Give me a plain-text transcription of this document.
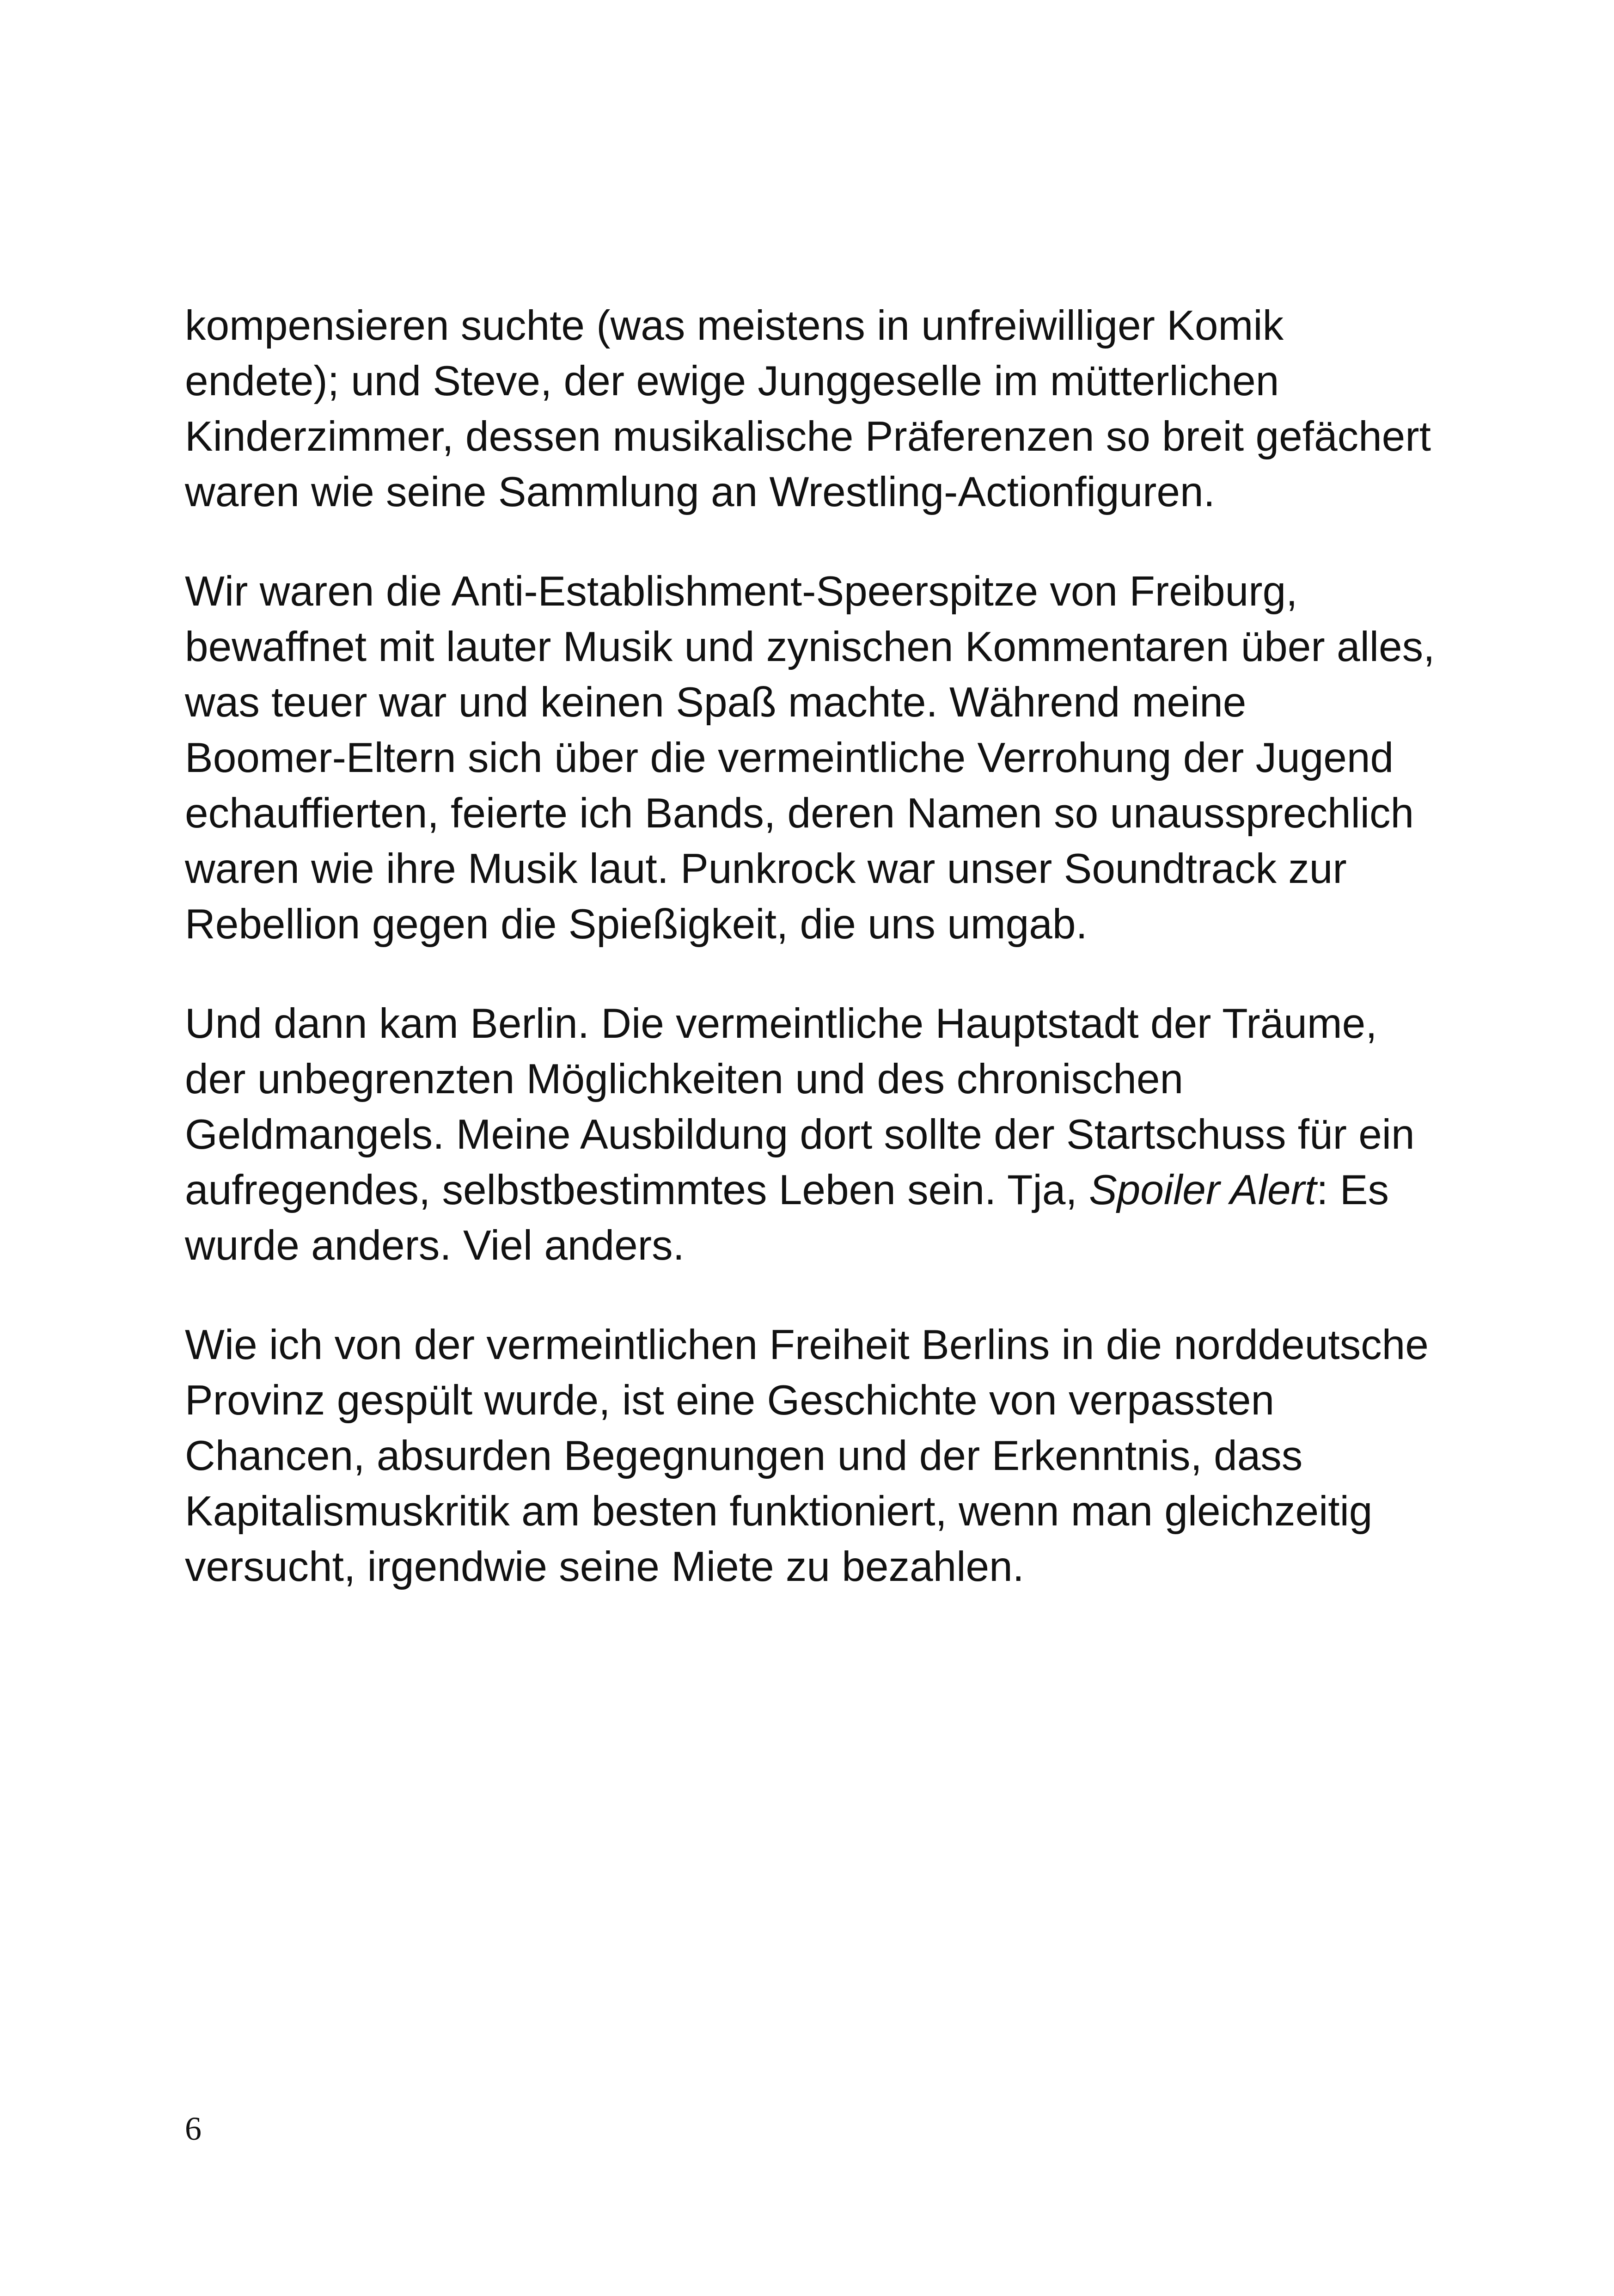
kompensieren suchte (was meistens in unfreiwilliger Komik
endete); und Steve, der ewige Junggeselle im mütterlichen
Kinderzimmer, dessen musikalische Präferenzen so breit gefächert
waren wie seine Sammlung an Wrestling-Actionfiguren.

Wir waren die Anti-Establishment-Speerspitze von Freiburg,
bewaffnet mit lauter Musik und zynischen Kommentaren über alles,
was teuer war und keinen Spaß machte. Während meine
Boomer-Eltern sich über die vermeintliche Verrohung der Jugend
echauffierten, feierte ich Bands, deren Namen so unaussprechlich
waren wie ihre Musik laut. Punkrock war unser Soundtrack zur
Rebellion gegen die Spießigkeit, die uns umgab.

Und dann kam Berlin. Die vermeintliche Hauptstadt der Träume,
der unbegrenzten Möglichkeiten und des chronischen
Geldmangels. Meine Ausbildung dort sollte der Startschuss für ein
aufregendes, selbstbestimmtes Leben sein. Tja, Spoiler Alert: Es
wurde anders. Viel anders.

Wie ich von der vermeintlichen Freiheit Berlins in die norddeutsche
Provinz gespült wurde, ist eine Geschichte von verpassten
Chancen, absurden Begegnungen und der Erkenntnis, dass
Kapitalismuskritik am besten funktioniert, wenn man gleichzeitig
versucht, irgendwie seine Miete zu bezahlen.

6
